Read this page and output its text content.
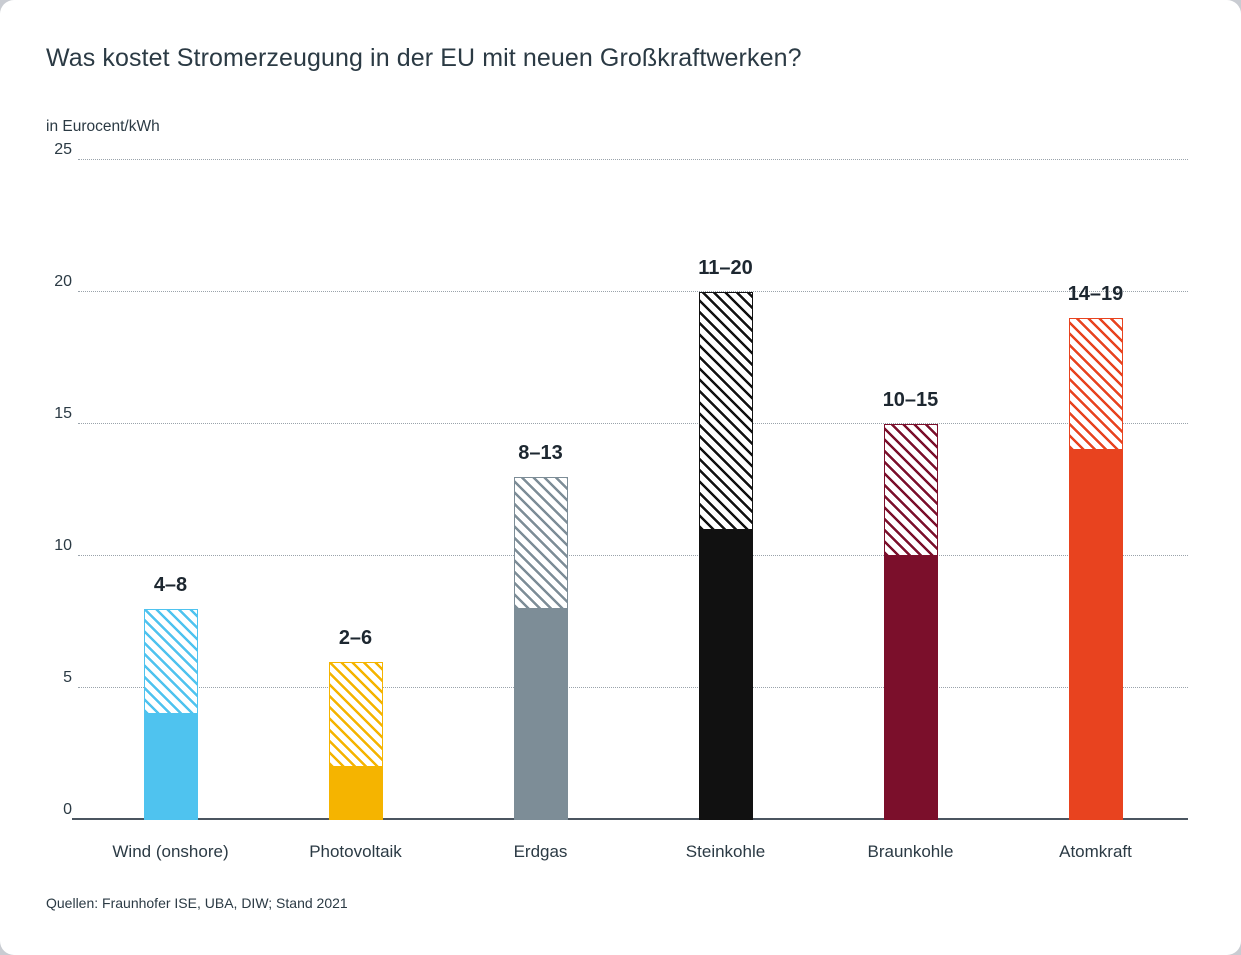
Was kostet Stromerzeugung in der EU mit neuen Großkraftwerken?
in Eurocent/kWh
0
5
10
15
20
25
4–8
2–6
8–13
11–20
10–15
14–19
Wind (onshore)	Photovoltaik	Erdgas	Steinkohle	Braunkohle	Atomkraft
Quellen: Fraunhofer ISE, UBA, DIW; Stand 2021
